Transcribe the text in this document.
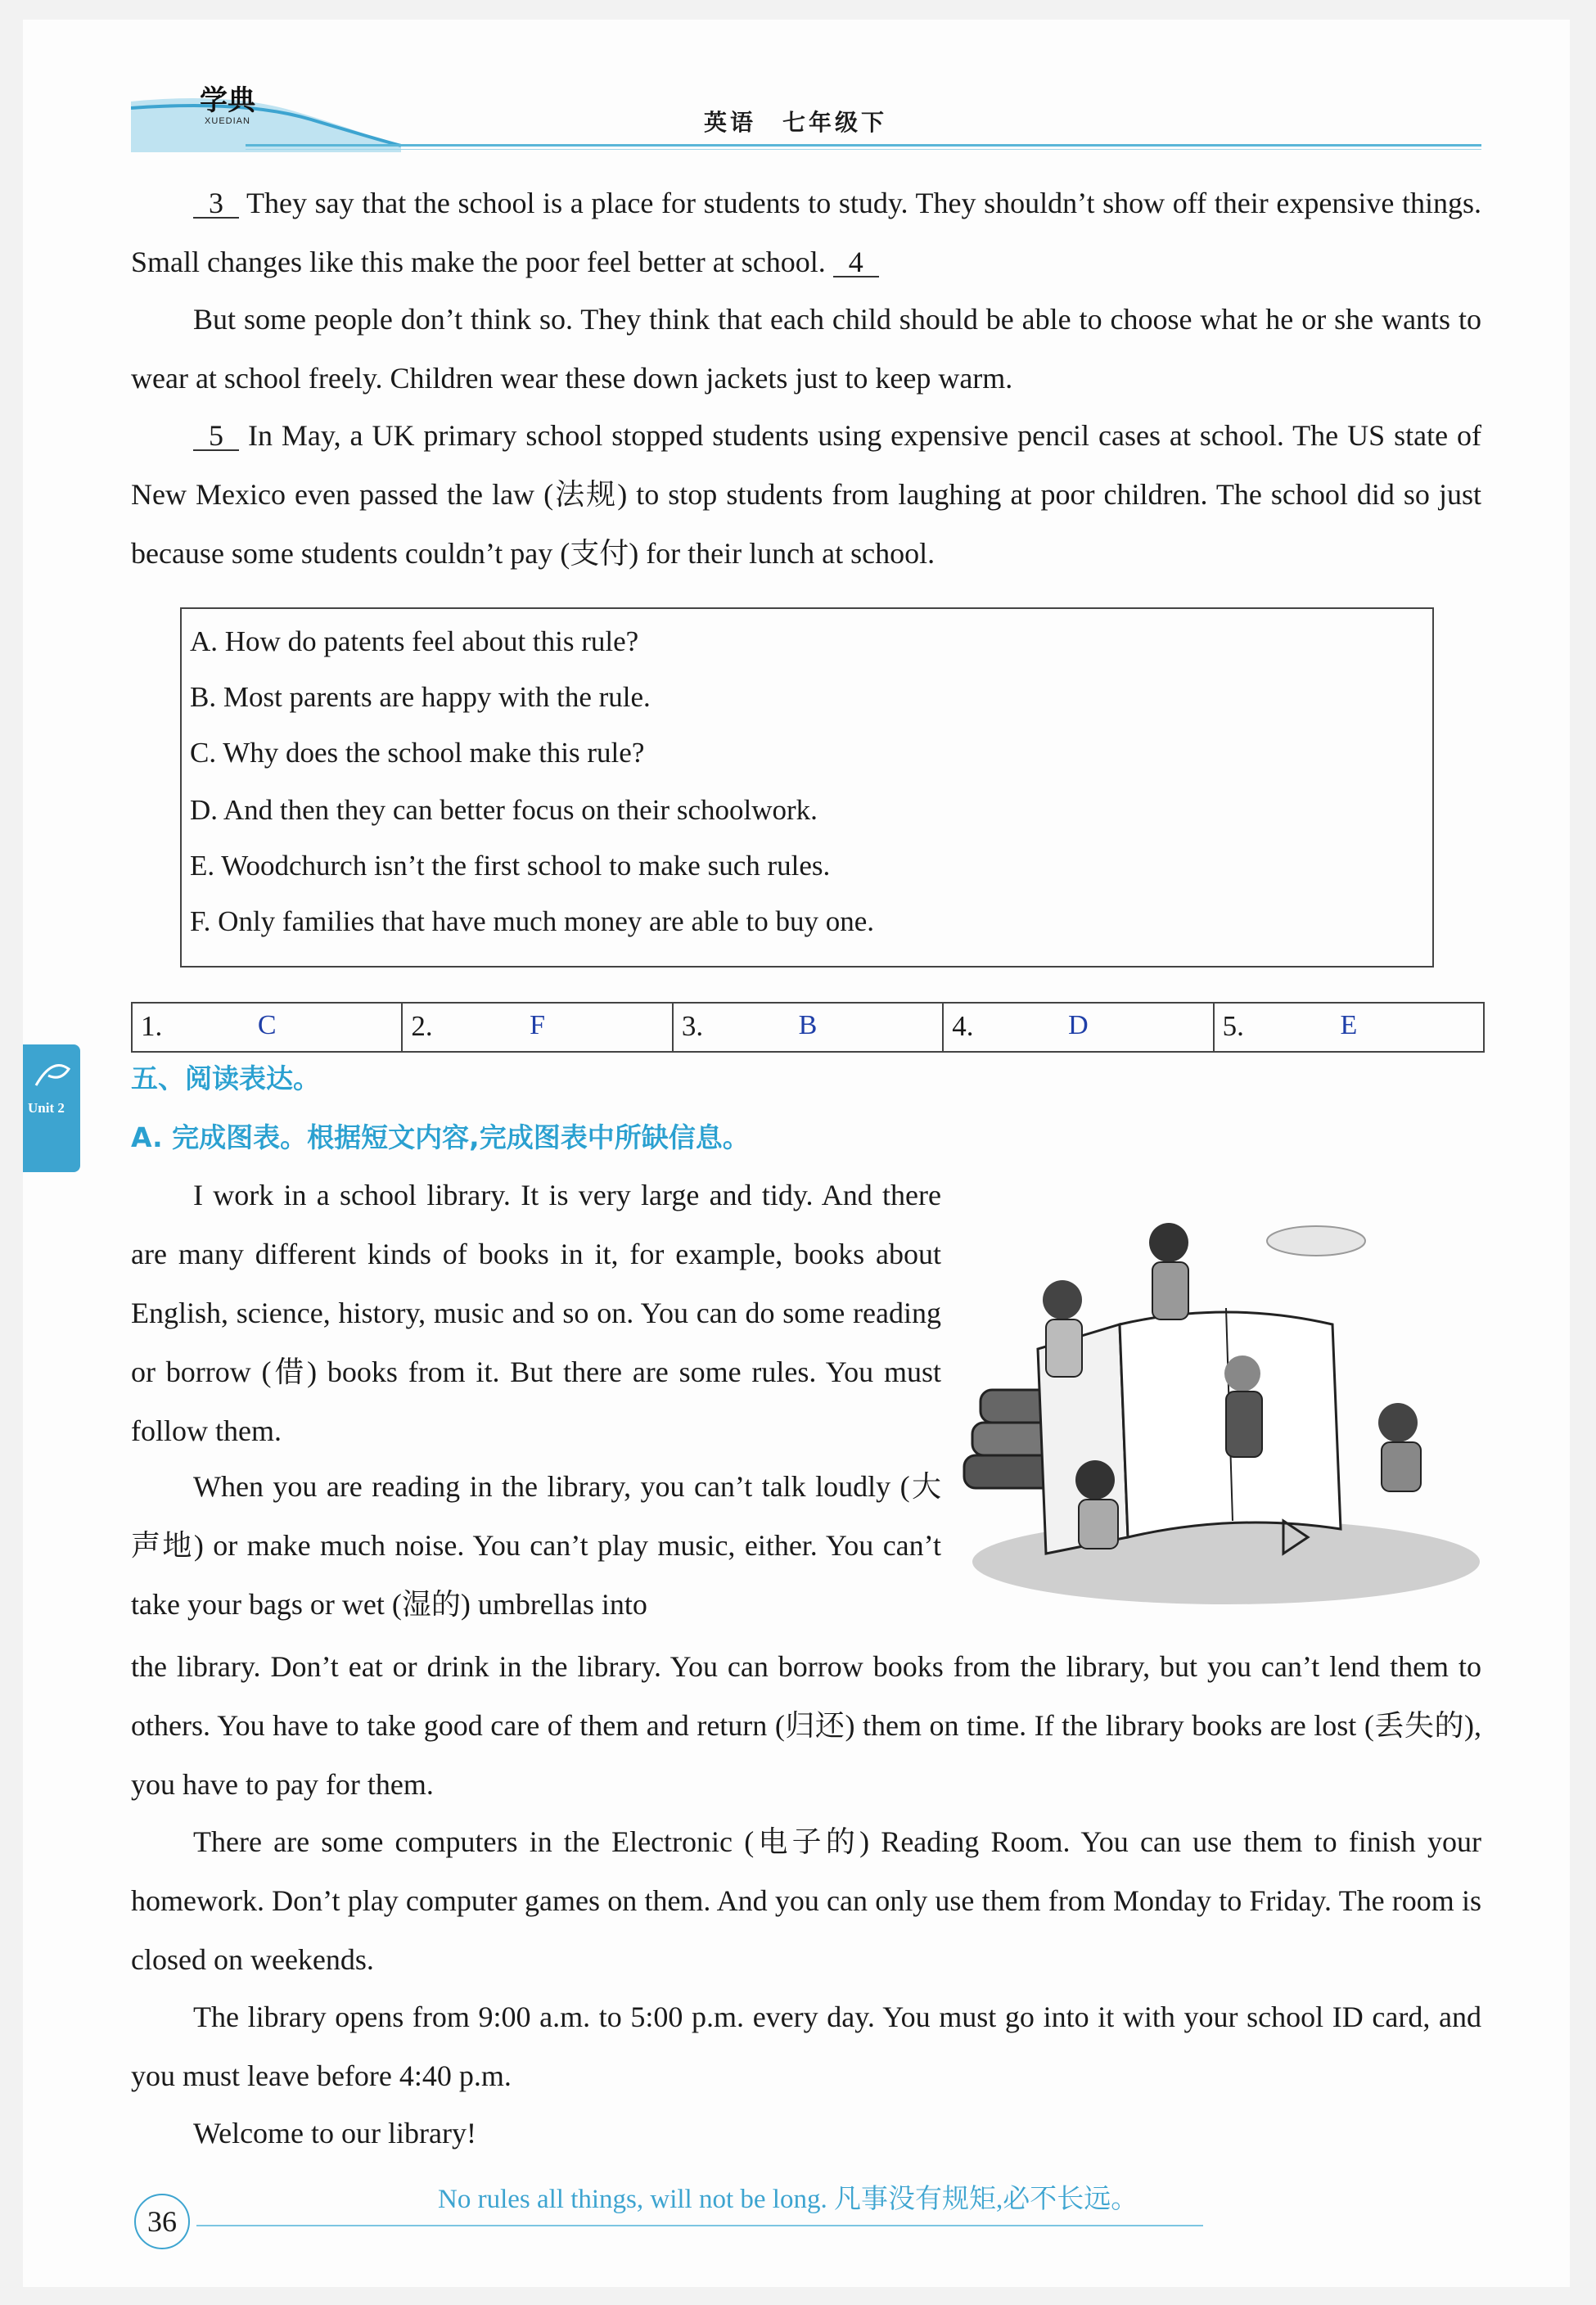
学典
XUEDIAN	英语　七年级下

3 They say that the school is a place for students to study. They shouldn’t show off their expensive things. Small changes like this make the poor feel better at school. 4

But some people don’t think so. They think that each child should be able to choose what he or she wants to wear at school freely. Children wear these down jackets just to keep warm.

5 In May, a UK primary school stopped students using expensive pencil cases at school. The US state of New Mexico even passed the law (法规) to stop students from laughing at poor children. The school did so just because some students couldn’t pay (支付) for their lunch at school.

A. How do patents feel about this rule?
B. Most parents are happy with the rule.
C. Why does the school make this rule?
D. And then they can better focus on their schoolwork.
E. Woodchurch isn’t the first school to make such rules.
F. Only families that have much money are able to buy one.
1.	C	2.	F	3.	B	4.	D	5.	E
Unit 2
五、阅读表达。
A. 完成图表。根据短文内容,完成图表中所缺信息。

I work in a school library. It is very large and tidy. And there are many different kinds of books in it, for example, books about English, science, history, music and so on. You can do some reading or borrow (借) books from it. But there are some rules. You must follow them.

When you are reading in the library, you can’t talk loudly (大声地) or make much noise. You can’t play music, either. You can’t take your bags or wet (湿的) umbrellas into

the library. Don’t eat or drink in the library. You can borrow books from the library, but you can’t lend them to others. You have to take good care of them and return (归还) them on time. If the library books are lost (丢失的), you have to pay for them.

There are some computers in the Electronic (电子的) Reading Room. You can use them to finish your homework. Don’t play computer games on them. And you can only use them from Monday to Friday. The room is closed on weekends.

The library opens from 9:00 a.m. to 5:00 p.m. every day. You must go into it with your school ID card, and you must leave before 4:40 p.m.

Welcome to our library!

36
No rules all things, will not be long. 凡事没有规矩,必不长远。
